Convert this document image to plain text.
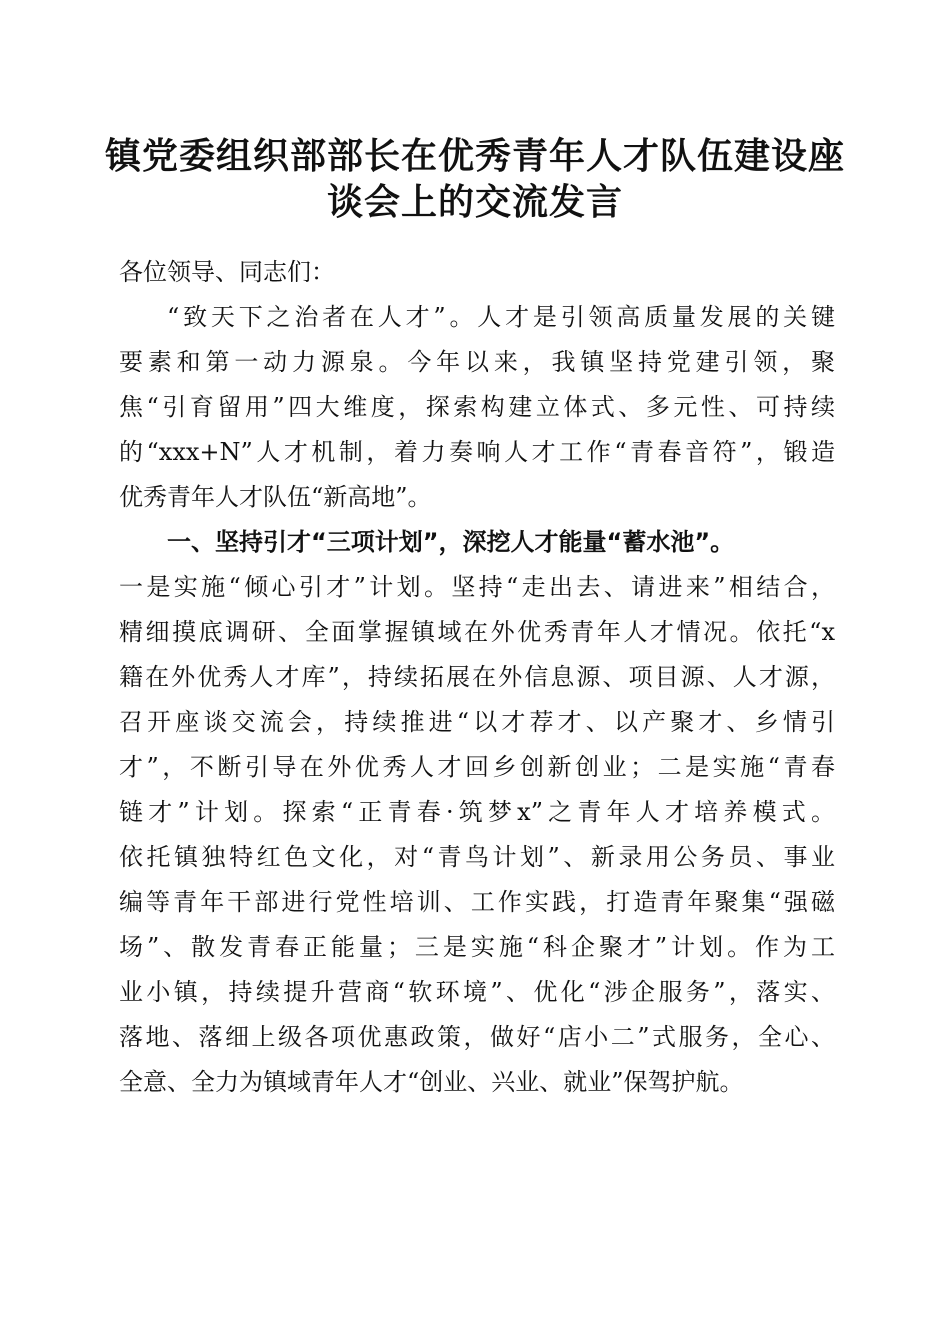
镇党委组织部部长在优秀青年人才队伍建设座
谈会上的交流发言

各位领导、同志们：

“致天下之治者在人才”。人才是引领高质量发展的关键
要素和第一动力源泉。今年以来，我镇坚持党建引领，聚
焦“引育留用”四大维度，探索构建立体式、多元性、可持续
的“xxx+N”人才机制，着力奏响人才工作“青春音符”，锻造
优秀青年人才队伍“新高地”。
一、坚持引才“三项计划”，深挖人才能量“蓄水池”。
一是实施“倾心引才”计划。坚持“走出去、请进来”相结合，
精细摸底调研、全面掌握镇域在外优秀青年人才情况。依托“x
籍在外优秀人才库”，持续拓展在外信息源、项目源、人才源，
召开座谈交流会，持续推进“以才荐才、以产聚才、乡情引
才”，不断引导在外优秀人才回乡创新创业；二是实施“青春
链才”计划。探索“正青春·筑梦x”之青年人才培养模式。
依托镇独特红色文化，对“青鸟计划”、新录用公务员、事业
编等青年干部进行党性培训、工作实践，打造青年聚集“强磁
场”、散发青春正能量；三是实施“科企聚才”计划。作为工
业小镇，持续提升营商“软环境”、优化“涉企服务”，落实、
落地、落细上级各项优惠政策，做好“店小二”式服务，全心、
全意、全力为镇域青年人才“创业、兴业、就业”保驾护航。
